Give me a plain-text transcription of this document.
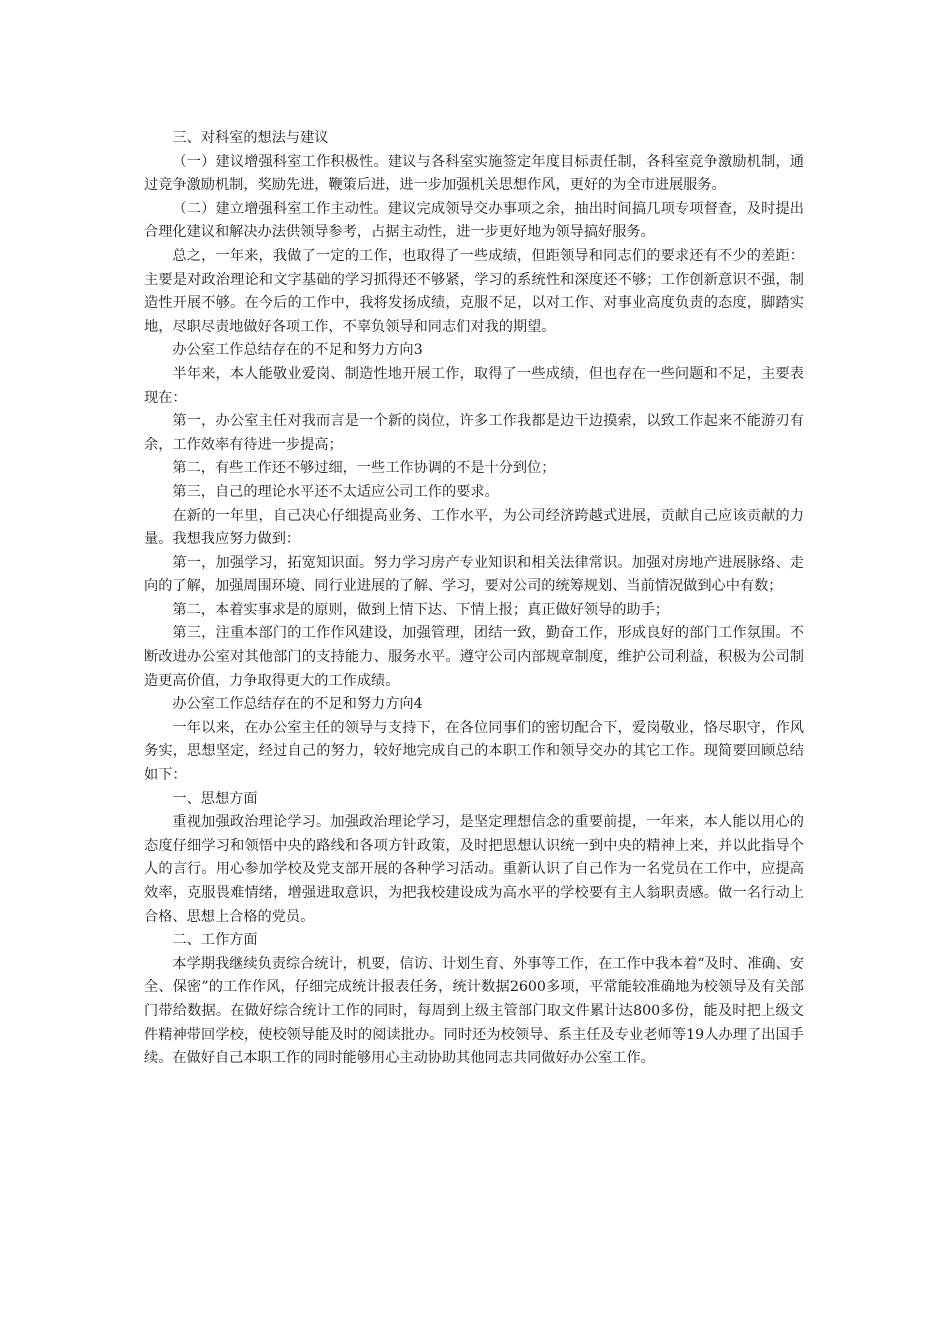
三、对科室的想法与建议

（一）建议增强科室工作积极性。建议与各科室实施签定年度目标责任制，各科室竞争激励机制，通过竞争激励机制，奖励先进，鞭策后进，进一步加强机关思想作风，更好的为全市进展服务。

（二）建立增强科室工作主动性。建议完成领导交办事项之余，抽出时间搞几项专项督查，及时提出合理化建议和解决办法供领导参考，占据主动性，进一步更好地为领导搞好服务。

总之，一年来，我做了一定的工作，也取得了一些成绩，但距领导和同志们的要求还有不少的差距：主要是对政治理论和文字基础的学习抓得还不够紧，学习的系统性和深度还不够；工作创新意识不强，制造性开展不够。在今后的工作中，我将发扬成绩，克服不足，以对工作、对事业高度负责的态度，脚踏实地，尽职尽责地做好各项工作，不辜负领导和同志们对我的期望。

办公室工作总结存在的不足和努力方向3

半年来，本人能敬业爱岗、制造性地开展工作，取得了一些成绩，但也存在一些问题和不足，主要表现在：

第一，办公室主任对我而言是一个新的岗位，许多工作我都是边干边摸索，以致工作起来不能游刃有余，工作效率有待进一步提高；

第二，有些工作还不够过细，一些工作协调的不是十分到位；

第三，自己的理论水平还不太适应公司工作的要求。

在新的一年里，自己决心仔细提高业务、工作水平，为公司经济跨越式进展，贡献自己应该贡献的力量。我想我应努力做到：

第一，加强学习，拓宽知识面。努力学习房产专业知识和相关法律常识。加强对房地产进展脉络、走向的了解，加强周围环境、同行业进展的了解、学习，要对公司的统筹规划、当前情况做到心中有数；

第二，本着实事求是的原则，做到上情下达、下情上报；真正做好领导的助手；

第三，注重本部门的工作作风建设，加强管理，团结一致，勤奋工作，形成良好的部门工作氛围。不断改进办公室对其他部门的支持能力、服务水平。遵守公司内部规章制度，维护公司利益，积极为公司制造更高价值，力争取得更大的工作成绩。

办公室工作总结存在的不足和努力方向4

一年以来，在办公室主任的领导与支持下，在各位同事们的密切配合下，爱岗敬业，恪尽职守，作风务实，思想坚定，经过自己的努力，较好地完成自己的本职工作和领导交办的其它工作。现简要回顾总结如下：

一、思想方面

重视加强政治理论学习。加强政治理论学习，是坚定理想信念的重要前提，一年来，本人能以用心的态度仔细学习和领悟中央的路线和各项方针政策，及时把思想认识统一到中央的精神上来，并以此指导个人的言行。用心参加学校及党支部开展的各种学习活动。重新认识了自己作为一名党员在工作中，应提高效率，克服畏难情绪，增强进取意识，为把我校建设成为高水平的学校要有主人翁职责感。做一名行动上合格、思想上合格的党员。

二、工作方面

本学期我继续负责综合统计，机要，信访、计划生育、外事等工作，在工作中我本着“及时、准确、安全、保密”的工作作风，仔细完成统计报表任务，统计数据2600多项，平常能较准确地为校领导及有关部门带给数据。在做好综合统计工作的同时，每周到上级主管部门取文件累计达800多份，能及时把上级文件精神带回学校，使校领导能及时的阅读批办。同时还为校领导、系主任及专业老师等19人办理了出国手续。在做好自己本职工作的同时能够用心主动协助其他同志共同做好办公室工作。
